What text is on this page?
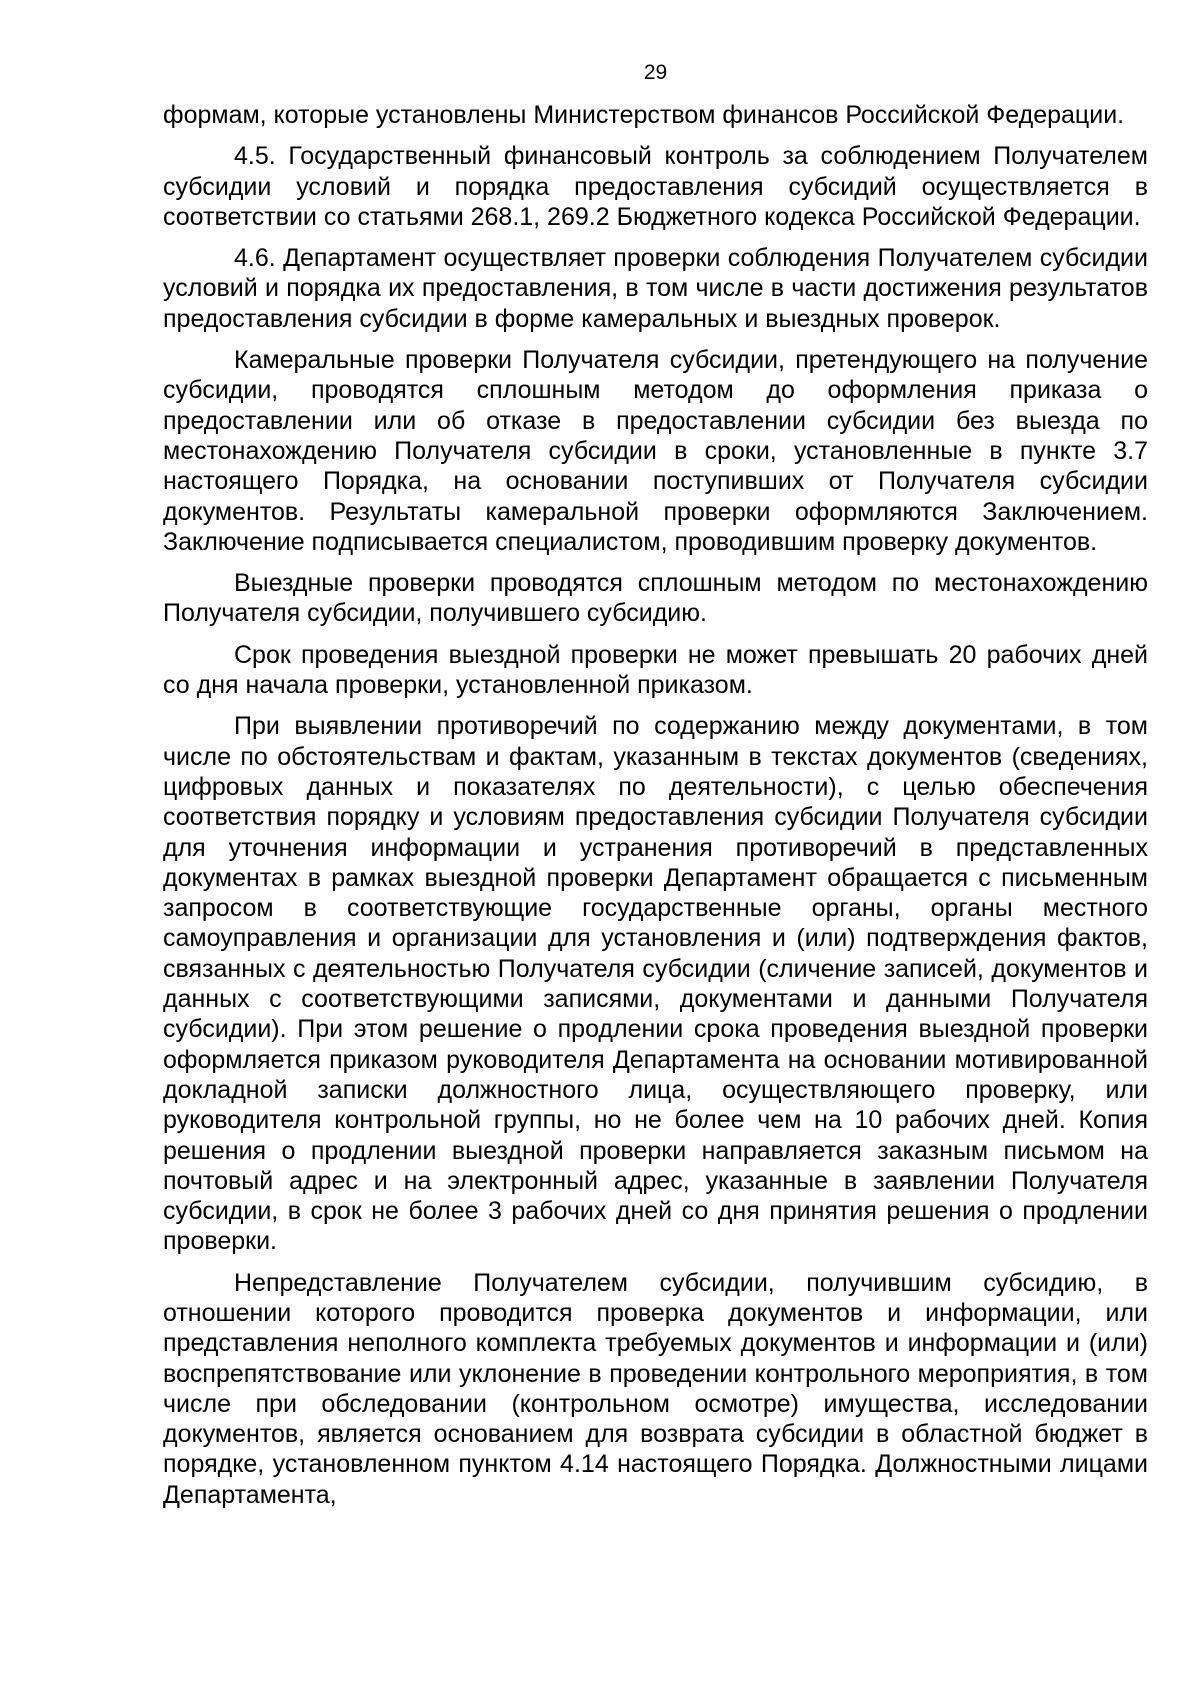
29

формам, которые установлены Министерством финансов Российской Федерации.

4.5. Государственный финансовый контроль за соблюдением Получателем субсидии условий и порядка предоставления субсидий осуществляется в соответствии со статьями 268.1, 269.2 Бюджетного кодекса Российской Федерации.

4.6. Департамент осуществляет проверки соблюдения Получателем субсидии условий и порядка их предоставления, в том числе в части достижения результатов предоставления субсидии в форме камеральных и выездных проверок.

Камеральные проверки Получателя субсидии, претендующего на получение субсидии, проводятся сплошным методом до оформления приказа о предоставлении или об отказе в предоставлении субсидии без выезда по местонахождению Получателя субсидии в сроки, установленные в пункте 3.7 настоящего Порядка, на основании поступивших от Получателя субсидии документов. Результаты камеральной проверки оформляются Заключением. Заключение подписывается специалистом, проводившим проверку документов.

Выездные проверки проводятся сплошным методом по местонахождению Получателя субсидии, получившего субсидию.

Срок проведения выездной проверки не может превышать 20 рабочих дней со дня начала проверки, установленной приказом.

При выявлении противоречий по содержанию между документами, в том числе по обстоятельствам и фактам, указанным в текстах документов (сведениях, цифровых данных и показателях по деятельности), с целью обеспечения соответствия порядку и условиям предоставления субсидии Получателя субсидии для уточнения информации и устранения противоречий в представленных документах в рамках выездной проверки Департамент обращается с письменным запросом в соответствующие государственные органы, органы местного самоуправления и организации для установления и (или) подтверждения фактов, связанных с деятельностью Получателя субсидии (сличение записей, документов и данных с соответствующими записями, документами и данными Получателя субсидии). При этом решение о продлении срока проведения выездной проверки оформляется приказом руководителя Департамента на основании мотивированной докладной записки должностного лица, осуществляющего проверку, или руководителя контрольной группы, но не более чем на 10 рабочих дней. Копия решения о продлении выездной проверки направляется заказным письмом на почтовый адрес и на электронный адрес, указанные в заявлении Получателя субсидии, в срок не более 3 рабочих дней со дня принятия решения о продлении проверки.

Непредставление Получателем субсидии, получившим субсидию, в отношении которого проводится проверка документов и информации, или представления неполного комплекта требуемых документов и информации и (или) воспрепятствование или уклонение в проведении контрольного мероприятия, в том числе при обследовании (контрольном осмотре) имущества, исследовании документов, является основанием для возврата субсидии в областной бюджет в порядке, установленном пунктом 4.14 настоящего Порядка. Должностными лицами Департамента,
